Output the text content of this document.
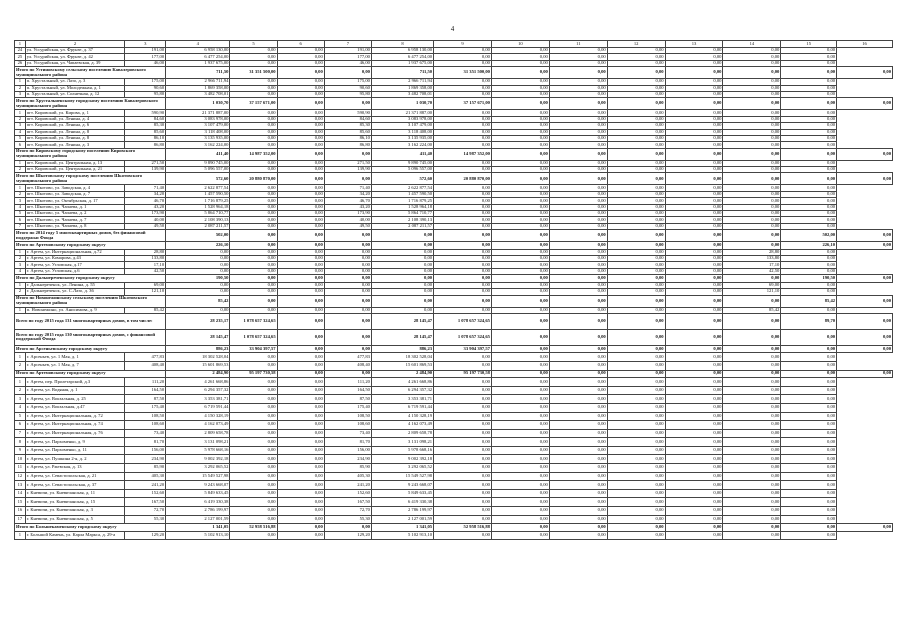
4
1	2	3	4	5	6	7	8	9	10	11	12	13	14	15	16
24	ул. Уссурийская, ул. Фрунзе, д. 37	191,00	6 958 130,00	0,00	0,00	191,00	6 958 130,00	0,00	0,00	0,00	0,00	0,00	0,00	0,00	
25	ул. Уссурийская, ул. Фрунзе, д. 42	177,00	6 477 254,00	0,00	0,00	177,00	6 477 254,00	0,00	0,00	0,00	0,00	0,00	0,00	0,00	
26	ул. Уссурийская, ул. Чапаевская, д. 39	46,00	1 937 675,00	0,00	0,00	46,00	1 937 675,00	0,00	0,00	0,00	0,00	0,00	0,00	0,00	
Итого по Устиновскому сельскому поселению Кавалеровского муниципального района			711,50	31 351 500,00	0,00	0,00	711,50	31 351 500,00	0,00	0,00	0,00	0,00	0,00	0,00	0,00
1	п. Хрустальный, ул. Лазо, д. 3	175,00	2 966 711,94	0,00	0,00	175,00	2 966 711,94	0,00	0,00	0,00	0,00	0,00	0,00	0,00	
2	п. Хрустальный, ул. Молодежная, д. 1	90,60	1 869 358,00	0,00	0,00	90,60	1 869 358,00	0,00	0,00	0,00	0,00	0,00	0,00	0,00	
3	п. Хрустальный, ул. Солнечная, д. 12	95,80	3 482 708,01	0,00	0,00	95,80	3 482 708,01	0,00	0,00	0,00	0,00	0,00	0,00	0,00	
Итого по Хрустальненскому городскому поселению Кавалеровского муниципального района			1 030,70	37 157 671,00	0,00	0,00	1 030,70	37 157 671,00	0,00	0,00	0,00	0,00	0,00	0,00	0,00
1	пгт. Кировский, ул. Кирова, д. 1	590,90	21 371 887,00	0,00	0,00	590,90	21 371 887,00	0,00	0,00	0,00	0,00	0,00	0,00	0,00	
2	пгт. Кировский, ул. Ленина, д. 4	84,60	3 083 978,00	0,00	0,00	84,60	3 083 978,00	0,00	0,00	0,00	0,00	0,00	0,00	0,00	
3	пгт. Кировский, ул. Ленина, д. 6	85,30	3 107 479,00	0,00	0,00	85,30	3 107 479,00	0,00	0,00	0,00	0,00	0,00	0,00	0,00	
4	пгт. Кировский, ул. Ленина, д. 8	85,60	3 118 408,00	0,00	0,00	85,60	3 118 408,00	0,00	0,00	0,00	0,00	0,00	0,00	0,00	
5	пгт. Кировский, ул. Ленина, д. 8	86,10	3 135 935,00	0,00	0,00	86,10	3 135 935,00	0,00	0,00	0,00	0,00	0,00	0,00	0,00	
6	пгт. Кировский, ул. Ленина, д. 3	86,80	3 162 224,00	0,00	0,00	86,80	3 162 224,00	0,00	0,00	0,00	0,00	0,00	0,00	0,00	
Итого по Кировскому городскому поселению Кировского муниципального района			411,40	14 987 352,00	0,00	0,00	411,40	14 987 352,00	0,00	0,00	0,00	0,00	0,00	0,00	0,00
1	пгт. Кировский, ул. Центральная, д. 13	271,50	9 890 745,00	0,00	0,00	271,50	9 890 745,00	0,00	0,00	0,00	0,00	0,00	0,00	0,00	
2	пгт. Кировский, ул. Центральная, д. 21	139,90	5 096 557,00	0,00	0,00	139,90	5 096 557,00	0,00	0,00	0,00	0,00	0,00	0,00	0,00	
Итого по Шкотовскому городскому поселению Шкотовского муниципального района			572,60	20 880 870,00	0,00	0,00	572,60	20 880 870,00	0,00	0,00	0,00	0,00	0,00	0,00	0,00
1	пгт. Шкотово, ул. Заводская, д. 4	71,40	2 622 877,54	0,00	0,00	71,40	2 622 877,54	0,00	0,00	0,00	0,00	0,00	0,00	0,00	
2	пгт. Шкотово, ул. Заводская, д. 7	34,20	1 457 590,50	0,00	0,00	34,20	1 457 590,50	0,00	0,00	0,00	0,00	0,00	0,00	0,00	
3	пгт. Шкотово, ул. Октябрьская, д. 17	46,70	1 716 879,25	0,00	0,00	46,70	1 716 879,25	0,00	0,00	0,00	0,00	0,00	0,00	0,00	
4	пгт. Шкотово, ул. Чапаева, д. 1	43,20	1 528 964,18	0,00	0,00	43,20	1 528 964,18	0,00	0,00	0,00	0,00	0,00	0,00	0,00	
5	пгт. Шкотово, ул. Чапаева, д. 2	173,90	5 864 710,77	0,00	0,00	173,90	5 864 710,77	0,00	0,00	0,00	0,00	0,00	0,00	0,00	
6	пгт. Шкотово, ул. Чапаева, д. 7	40,00	2 108 390,13	0,00	0,00	40,00	2 108 390,13	0,00	0,00	0,00	0,00	0,00	0,00	0,00	
7	пгт. Шкотово, ул. Чапаева, д. 8	49,50	2 087 211,57	0,00	0,00	49,50	2 087 211,57	0,00	0,00	0,00	0,00	0,00	0,00	0,00	
Итого по 2014 году 5 многоквартирных домов, без финансовой поддержки Фонда			502,00	0,00	0,00	0,00	0,00	0,00	0,00	0,00	0,00	0,00	0,00	502,00	0,00
Итого по Артемовскому городскому округу			226,10	0,00	0,00	0,00	0,00	0,00	0,00	0,00	0,00	0,00	0,00	226,10	0,00
1	г. Артем, ул. Интернациональная, д.72	28,80	0,00	0,00	0,00	0,00	0,00	0,00	0,00	0,00	0,00	0,00	28,80	0,00	
2	г. Артем, ул. Комарова, д.43	133,80	0,00	0,00	0,00	0,00	0,00	0,00	0,00	0,00	0,00	0,00	133,80	0,00	
3	г. Артем, ул. Угловская, д.17	17,10	0,00	0,00	0,00	0,00	0,00	0,00	0,00	0,00	0,00	0,00	17,10	0,00	
4	г. Артем, ул. Угловская, д.6	42,50	0,00	0,00	0,00	0,00	0,00	0,00	0,00	0,00	0,00	0,00	42,50	0,00	
Итого по Дальнереченскому городскому округу			190,50	0,00	0,00	0,00	0,00	0,00	0,00	0,00	0,00	0,00	0,00	190,50	0,00
1	г. Дальнереченск, ул. Ленина, д. 55	69,00	0,00	0,00	0,00	0,00	0,00	0,00	0,00	0,00	0,00	0,00	69,00	0,00	
2	г. Дальнереченск, ул. С.Лазо, д. 36	121,10	0,00	0,00	0,00	0,00	0,00	0,00	0,00	0,00	0,00	0,00	121,10	0,00	
Итого по Новонежинскому сельскому поселению Шкотовского муниципального района			85,42	0,00	0,00	0,00	0,00	0,00	0,00	0,00	0,00	0,00	0,00	85,42	0,00
1	п. Новонежино, ул. Анисимова, д. 9	85,42	0,00	0,00	0,00	0,00	0,00	0,00	0,00	0,00	0,00	0,00	85,42	0,00	
Всего по году 2015 года 131 многоквартирных домов, в том числе:			28 235,17	1 078 657 324,65	0,00	0,00	28 145,47	1 078 657 324,65	0,00	0,00	0,00	0,00	0,00	89,70	0,00
Всего по году 2015 года 130 многоквартирных домов, с финансовой поддержкой Фонда			28 145,47	1 078 657 324,65	0,00	0,00	28 145,47	1 078 657 324,65	0,00	0,00	0,00	0,00	0,00	0,00	0,00
Итого по Арсеньевскому городскому округу			886,23	33 904 397,57	0,00	0,00	886,23	33 904 397,57	0,00	0,00	0,00	0,00	0,00	0,00	0,00
1	г. Арсеньев, ул. 1 Мая, д. 1	477,83	18 302 528,04	0,00	0,00	477,83	18 302 528,04	0,00	0,00	0,00	0,00	0,00	0,00	0,00	
2	г. Арсеньев, ул. 1 Мая, д. 7	408,40	15 601 869,53	0,00	0,00	408,40	15 601 869,53	0,00	0,00	0,00	0,00	0,00	0,00	0,00	
Итого по Артемовскому городскому округу			2 484,90	95 197 730,58	0,00	0,00	2 484,90	95 197 730,58	0,00	0,00	0,00	0,00	0,00	0,00	0,00
1	г. Артем, пер. Пролетарский, д.3	111,20	4 261 668,86	0,00	0,00	111,20	4 261 668,86	0,00	0,00	0,00	0,00	0,00	0,00	0,00	
2	г. Артем, ул. Водяная, д. 1	164,50	6 294 357,32	0,00	0,00	164,50	6 294 357,32	0,00	0,00	0,00	0,00	0,00	0,00	0,00	
3	г. Артем, ул. Вокзальная, д. 25	87,50	3 353 381,71	0,00	0,00	87,50	3 353 381,71	0,00	0,00	0,00	0,00	0,00	0,00	0,00	
4	г. Артем, ул. Вокзальная, д.47	175,40	6 719 591,44	0,00	0,00	175,40	6 719 591,44	0,00	0,00	0,00	0,00	0,00	0,00	0,00	
5	г. Артем, ул. Интернациональная, д. 72	108,50	4 150 328,19	0,00	0,00	108,50	4 150 328,19	0,00	0,00	0,00	0,00	0,00	0,00	0,00	
6	г. Артем, ул. Интернациональная, д. 74	108,60	4 162 073,49	0,00	0,00	108,60	4 162 073,49	0,00	0,00	0,00	0,00	0,00	0,00	0,00	
7	г. Артем, ул. Интернациональная, д. 76	73,40	2 809 658,78	0,00	0,00	73,40	2 809 658,78	0,00	0,00	0,00	0,00	0,00	0,00	0,00	
8	г. Артем, ул. Пархоменко, д. 9	81,70	3 131 098,21	0,00	0,00	81,70	3 131 098,21	0,00	0,00	0,00	0,00	0,00	0,00	0,00	
9	г. Артем, ул. Пархоменко, д. 11	156,00	5 978 668,16	0,00	0,00	156,00	5 978 668,16	0,00	0,00	0,00	0,00	0,00	0,00	0,00	
10	г. Артем, ул. Пушкина 2-я, д. 2	234,90	9 002 392,18	0,00	0,00	234,90	9 002 392,18	0,00	0,00	0,00	0,00	0,00	0,00	0,00	
11	г. Артем, ул. Ржевская, д. 13	85,90	3 292 065,52	0,00	0,00	85,90	3 292 065,52	0,00	0,00	0,00	0,00	0,00	0,00	0,00	
12	г. Артем, ул. Севастопольская, д. 21	405,30	15 549 527,98	0,00	0,00	405,30	15 549 527,98	0,00	0,00	0,00	0,00	0,00	0,00	0,00	
13	г. Артем, ул. Севастопольская, д. 37	241,20	9 243 668,07	0,00	0,00	241,20	9 243 668,07	0,00	0,00	0,00	0,00	0,00	0,00	0,00	
14	г. Кневичи, ул. Кневичанская, д. 11	152,60	5 849 633,45	0,00	0,00	152,60	5 849 633,45	0,00	0,00	0,00	0,00	0,00	0,00	0,00	
15	г. Кневичи, ул. Кневичанская, д. 15	167,50	6 419 330,38	0,00	0,00	167,50	6 419 330,38	0,00	0,00	0,00	0,00	0,00	0,00	0,00	
16	г. Кневичи, ул. Кневичанская, д. 3	72,70	2 786 199,97	0,00	0,00	72,70	2 786 199,97	0,00	0,00	0,00	0,00	0,00	0,00	0,00	
17	г. Кневичи, ул. Кневичанская, д. 5	55,30	2 127 001,59	0,00	0,00	55,30	2 127 001,59	0,00	0,00	0,00	0,00	0,00	0,00	0,00	
Итого по Большекаменскому городскому округу			1 341,05	52 958 516,88	0,00	0,00	1 341,05	52 958 516,88	0,00	0,00	0,00	0,00	0,00	0,00	0,00
1	г. Большой Камень, ул. Карла Маркса, д. 29-а	129,20	5 102 913,10	0,00	0,00	129,20	5 102 913,10	0,00	0,00	0,00	0,00	0,00	0,00	0,00	
